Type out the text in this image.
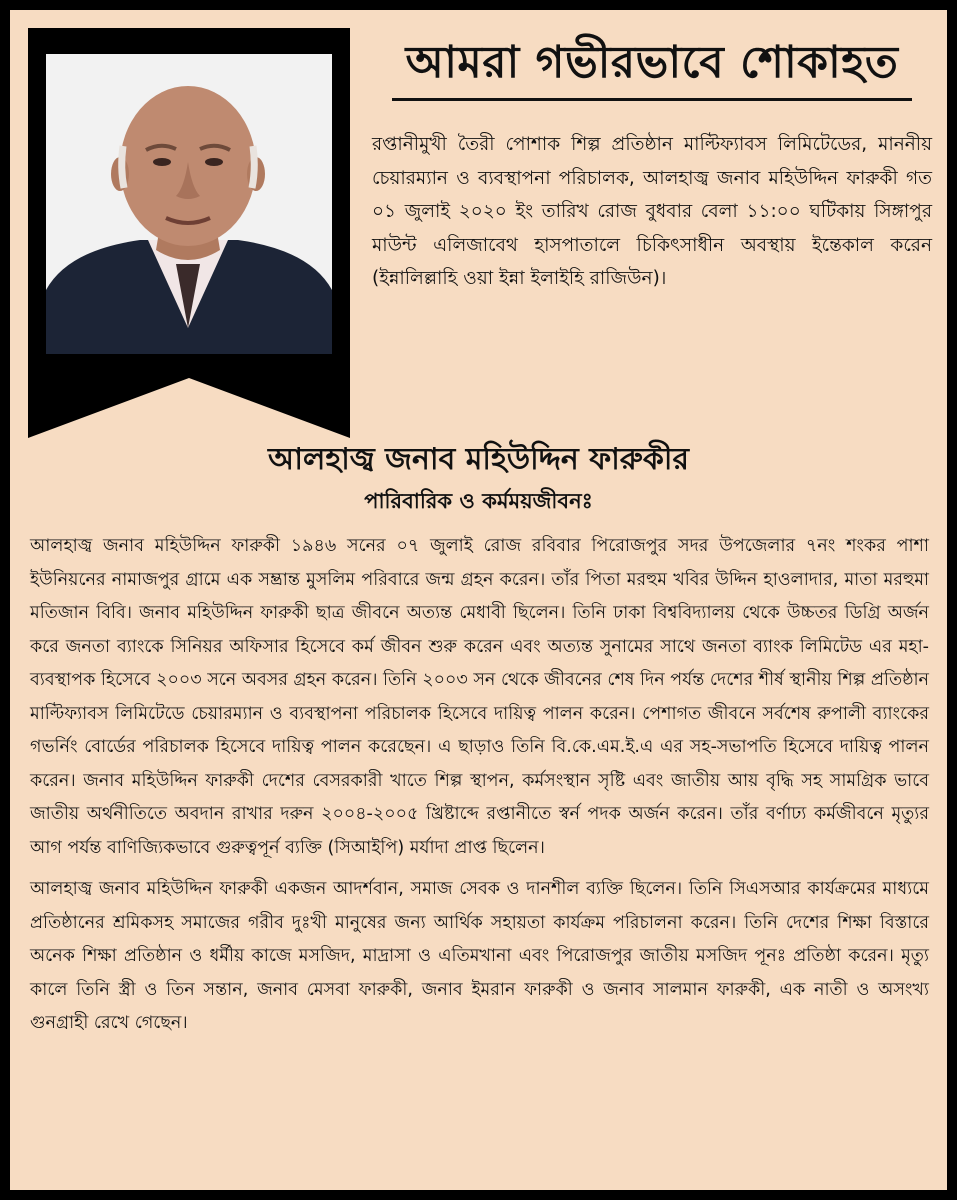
আমরা গভীরভাবে শোকাহত

রপ্তানীমুখী তৈরী পোশাক শিল্প প্রতিষ্ঠান মাল্টিফ্যাবস লিমিটেডের, মাননীয় চেয়ারম্যান ও ব্যবস্থাপনা পরিচালক, আলহাজ্ব জনাব মহিউদ্দিন ফারুকী গত ০১ জুলাই ২০২০ ইং তারিখ রোজ বুধবার বেলা ১১:০০ ঘটিকায় সিঙ্গাপুর মাউন্ট এলিজাবেথ হাসপাতালে চিকিৎসাধীন অবস্থায় ইন্তেকাল করেন (ইন্নালিল্লাহি ওয়া ইন্না ইলাইহি রাজিউন)।

আলহাজ্ব জনাব মহিউদ্দিন ফারুকীর
পারিবারিক ও কর্মময়জীবনঃ

আলহাজ্ব জনাব মহিউদ্দিন ফারুকী ১৯৪৬ সনের ০৭ জুলাই রোজ রবিবার পিরোজপুর সদর উপজেলার ৭নং শংকর পাশা ইউনিয়নের নামাজপুর গ্রামে এক সম্ভ্রান্ত মুসলিম পরিবারে জন্ম গ্রহন করেন। তাঁর পিতা মরহুম খবির উদ্দিন হাওলাদার, মাতা মরহুমা মতিজান বিবি। জনাব মহিউদ্দিন ফারুকী ছাত্র জীবনে অত্যন্ত মেধাবী ছিলেন। তিনি ঢাকা বিশ্ববিদ্যালয় থেকে উচ্চতর ডিগ্রি অর্জন করে জনতা ব্যাংকে সিনিয়র অফিসার হিসেবে কর্ম জীবন শুরু করেন এবং অত্যন্ত সুনামের সাথে জনতা ব্যাংক লিমিটেড এর মহা-ব্যবস্থাপক হিসেবে ২০০৩ সনে অবসর গ্রহন করেন। তিনি ২০০৩ সন থেকে জীবনের শেষ দিন পর্যন্ত দেশের শীর্ষ স্থানীয় শিল্প প্রতিষ্ঠান মাল্টিফ্যাবস লিমিটেডে চেয়ারম্যান ও ব্যবস্থাপনা পরিচালক হিসেবে দায়িত্ব পালন করেন। পেশাগত জীবনে সর্বশেষ রুপালী ব্যাংকের গভর্নিং বোর্ডের পরিচালক হিসেবে দায়িত্ব পালন করেছেন। এ ছাড়াও তিনি বি.কে.এম.ই.এ এর সহ-সভাপতি হিসেবে দায়িত্ব পালন করেন। জনাব মহিউদ্দিন ফারুকী দেশের বেসরকারী খাতে শিল্প স্থাপন, কর্মসংস্থান সৃষ্টি এবং জাতীয় আয় বৃদ্ধি সহ সামগ্রিক ভাবে জাতীয় অর্থনীতিতে অবদান রাখার দরুন ২০০৪-২০০৫ খ্রিষ্টাব্দে রপ্তানীতে স্বর্ন পদক অর্জন করেন। তাঁর বর্ণাঢ্য কর্মজীবনে মৃত্যুর আগ পর্যন্ত বাণিজ্যিকভাবে গুরুত্বপূর্ন ব্যক্তি (সিআইপি) মর্যাদা প্রাপ্ত ছিলেন।

আলহাজ্ব জনাব মহিউদ্দিন ফারুকী একজন আদর্শবান, সমাজ সেবক ও দানশীল ব্যক্তি ছিলেন। তিনি সিএসআর কার্যক্রমের মাধ্যমে প্রতিষ্ঠানের শ্রমিকসহ সমাজের গরীব দুঃখী মানুষের জন্য আর্থিক সহায়তা কার্যক্রম পরিচালনা করেন। তিনি দেশের শিক্ষা বিস্তারে অনেক শিক্ষা প্রতিষ্ঠান ও ধর্মীয় কাজে মসজিদ, মাদ্রাসা ও এতিমখানা এবং পিরোজপুর জাতীয় মসজিদ পূনঃ প্রতিষ্ঠা করেন। মৃত্যু কালে তিনি স্ত্রী ও তিন সন্তান, জনাব মেসবা ফারুকী, জনাব ইমরান ফারুকী ও জনাব সালমান ফারুকী, এক নাতী ও অসংখ্য গুনগ্রাহী রেখে গেছেন।
